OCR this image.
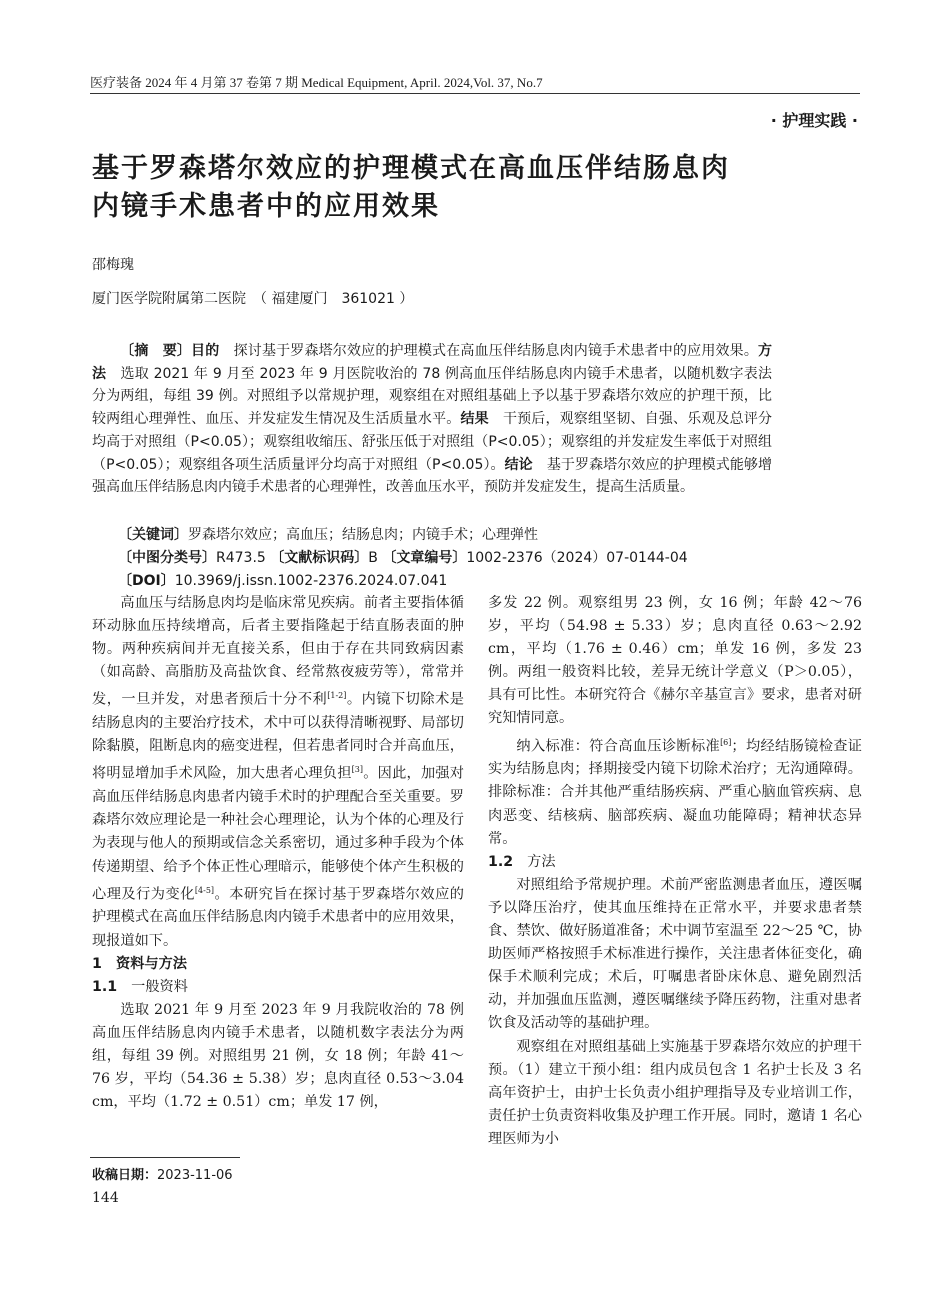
医疗装备 2024 年 4 月第 37 卷第 7 期 Medical Equipment, April. 2024,Vol. 37, No.7
· 护理实践 ·
基于罗森塔尔效应的护理模式在高血压伴结肠息肉
内镜手术患者中的应用效果
邵梅瑰
厦门医学院附属第二医院　（ 福建厦门　361021 ）
〔摘　要〕目的　 探讨基于罗森塔尔效应的护理模式在高血压伴结肠息肉内镜手术患者中的应用效果。方法　 选取 2021 年 9 月至 2023 年 9 月医院收治的 78 例高血压伴结肠息肉内镜手术患者，以随机数字表法分为两组，每组 39 例。对照组予以常规护理，观察组在对照组基础上予以基于罗森塔尔效应的护理干预，比较两组心理弹性、血压、并发症发生情况及生活质量水平。结果　 干预后，观察组坚韧、自强、乐观及总评分均高于对照组（P<0.05）；观察组收缩压、舒张压低于对照组（P<0.05）；观察组的并发症发生率低于对照组（P<0.05）；观察组各项生活质量评分均高于对照组（P<0.05）。结论　 基于罗森塔尔效应的护理模式能够增强高血压伴结肠息肉内镜手术患者的心理弹性，改善血压水平，预防并发症发生，提高生活质量。
〔关键词〕罗森塔尔效应；高血压；结肠息肉；内镜手术；心理弹性
〔中图分类号〕R473.5 〔文献标识码〕B 〔文章编号〕1002-2376（2024）07-0144-04
〔DOI〕10.3969/j.issn.1002-2376.2024.07.041

高血压与结肠息肉均是临床常见疾病。前者主要指体循环动脉血压持续增高，后者主要指隆起于结直肠表面的肿物。两种疾病间并无直接关系，但由于存在共同致病因素（如高龄、高脂肪及高盐饮食、经常熬夜疲劳等），常常并发，一旦并发，对患者预后十分不利[1-2]。内镜下切除术是结肠息肉的主要治疗技术，术中可以获得清晰视野、局部切除黏膜，阻断息肉的癌变进程，但若患者同时合并高血压，将明显增加手术风险，加大患者心理负担[3]。因此，加强对高血压伴结肠息肉患者内镜手术时的护理配合至关重要。罗森塔尔效应理论是一种社会心理理论，认为个体的心理及行为表现与他人的预期或信念关系密切，通过多种手段为个体传递期望、给予个体正性心理暗示，能够使个体产生积极的心理及行为变化[4-5]。本研究旨在探讨基于罗森塔尔效应的护理模式在高血压伴结肠息肉内镜手术患者中的应用效果，现报道如下。

1　资料与方法
1.1 一般资料

选取 2021 年 9 月至 2023 年 9 月我院收治的 78 例高血压伴结肠息肉内镜手术患者，以随机数字表法分为两组，每组 39 例。对照组男 21 例，女 18 例；年龄 41～76 岁，平均（54.36 ± 5.38）岁；息肉直径 0.53～3.04 cm，平均（1.72 ± 0.51）cm；单发 17 例，

多发 22 例。观察组男 23 例，女 16 例；年龄 42～76 岁，平均（54.98 ± 5.33）岁；息肉直径 0.63～2.92 cm，平均（1.76 ± 0.46）cm；单发 16 例，多发 23 例。两组一般资料比较，差异无统计学意义（P＞0.05），具有可比性。本研究符合《赫尔辛基宣言》要求，患者对研究知情同意。

纳入标准：符合高血压诊断标准[6]；均经结肠镜检查证实为结肠息肉；择期接受内镜下切除术治疗；无沟通障碍。排除标准：合并其他严重结肠疾病、严重心脑血管疾病、息肉恶变、结核病、脑部疾病、凝血功能障碍；精神状态异常。

1.2 方法

对照组给予常规护理。术前严密监测患者血压，遵医嘱予以降压治疗，使其血压维持在正常水平，并要求患者禁食、禁饮、做好肠道准备；术中调节室温至 22～25 ℃，协助医师严格按照手术标准进行操作，关注患者体征变化，确保手术顺利完成；术后，叮嘱患者卧床休息、避免剧烈活动，并加强血压监测，遵医嘱继续予降压药物，注重对患者饮食及活动等的基础护理。

观察组在对照组基础上实施基于罗森塔尔效应的护理干预。（1）建立干预小组：组内成员包含 1 名护士长及 3 名高年资护士，由护士长负责小组护理指导及专业培训工作，责任护士负责资料收集及护理工作开展。同时，邀请 1 名心理医师为小

收稿日期：2023-11-06
144
